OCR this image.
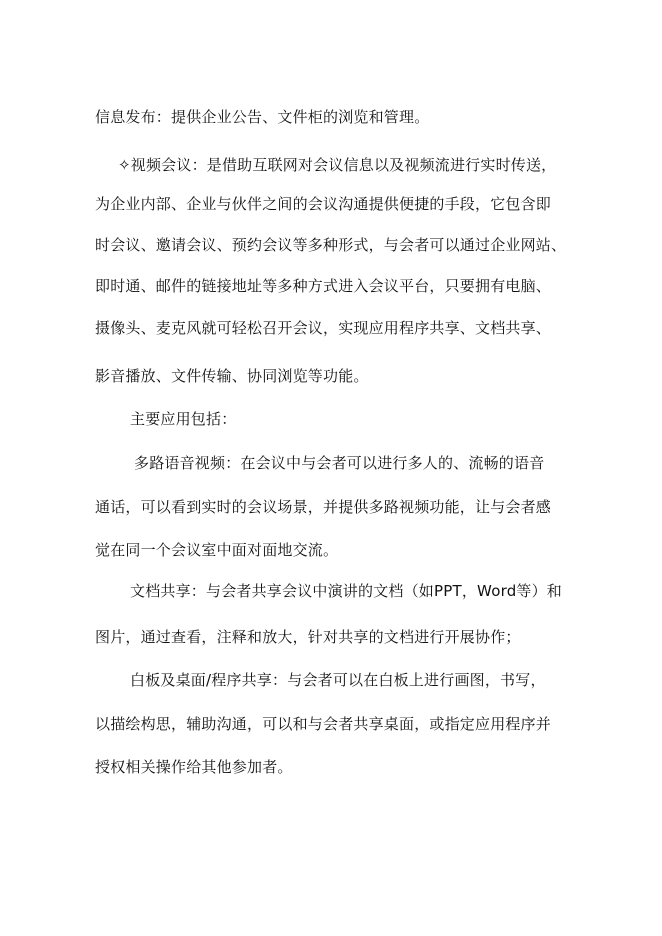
信息发布：提供企业公告、文件柜的浏览和管理。
✧视频会议：是借助互联网对会议信息以及视频流进行实时传送，
为企业内部、企业与伙伴之间的会议沟通提供便捷的手段，它包含即
时会议、邀请会议、预约会议等多种形式，与会者可以通过企业网站、
即时通、邮件的链接地址等多种方式进入会议平台，只要拥有电脑、
摄像头、麦克风就可轻松召开会议，实现应用程序共享、文档共享、
影音播放、文件传输、协同浏览等功能。
主要应用包括：
多路语音视频：在会议中与会者可以进行多人的、流畅的语音
通话，可以看到实时的会议场景，并提供多路视频功能，让与会者感
觉在同一个会议室中面对面地交流。
文档共享：与会者共享会议中演讲的文档（如PPT，Word等）和
图片，通过查看，注释和放大，针对共享的文档进行开展协作；
白板及桌面/程序共享：与会者可以在白板上进行画图，书写，
以描绘构思，辅助沟通，可以和与会者共享桌面，或指定应用程序并
授权相关操作给其他参加者。
